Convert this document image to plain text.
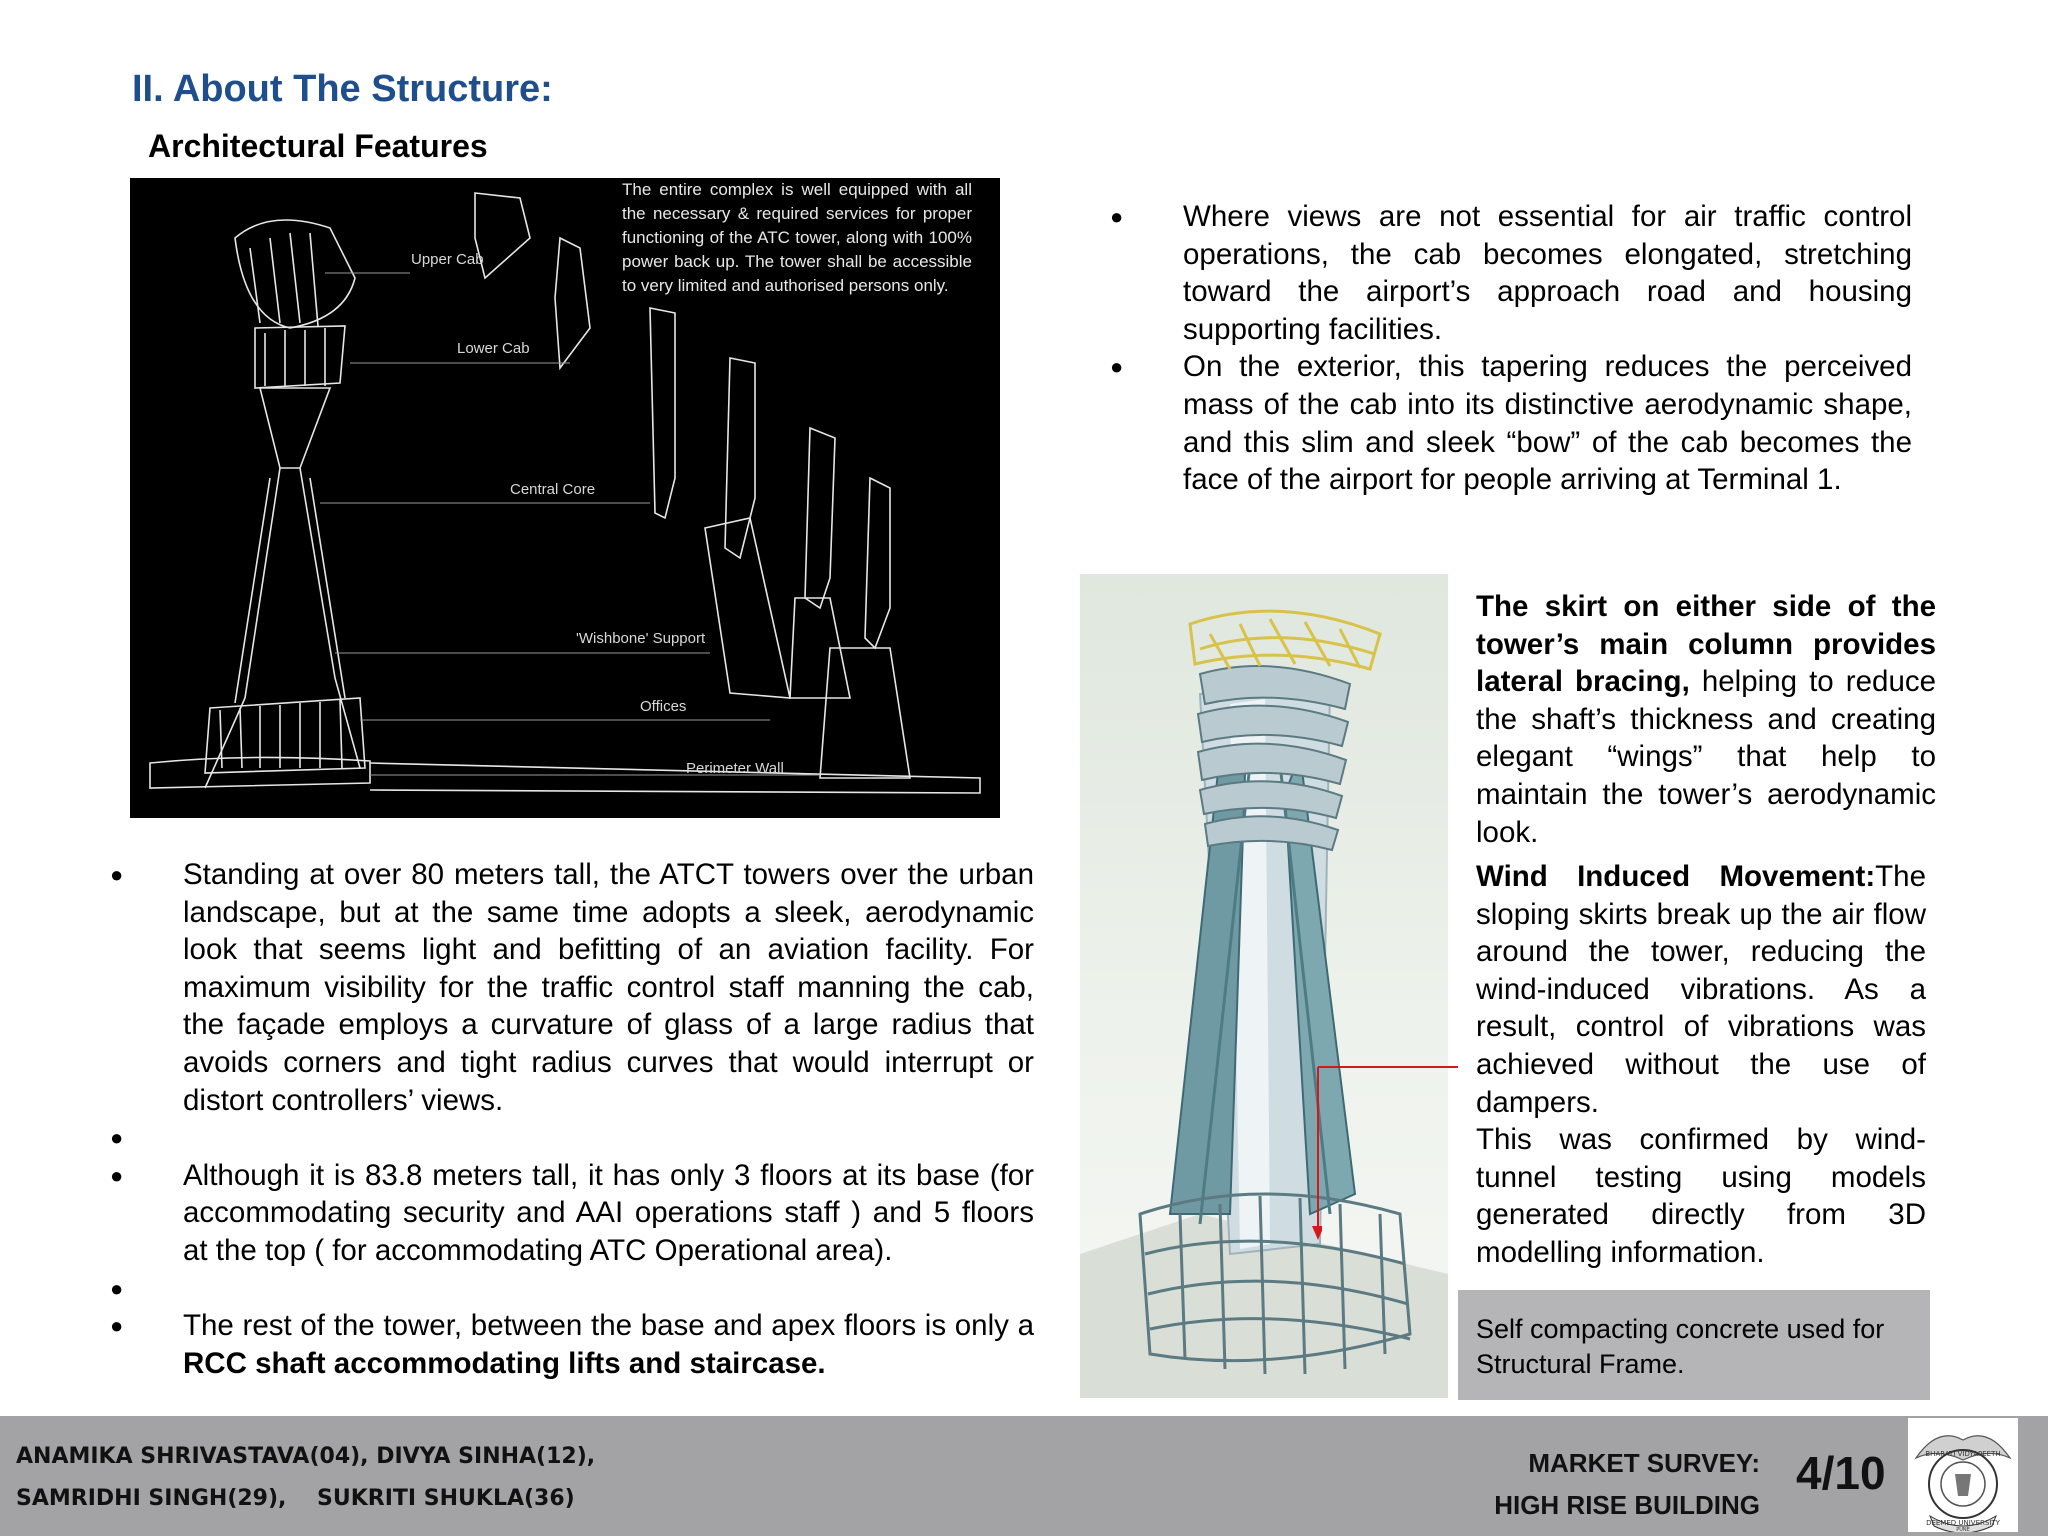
II. About The Structure:
Architectural Features
The entire complex is well equipped with all the necessary & required services for proper functioning of the ATC tower, along with 100% power back up. The tower shall be accessible to very limited and authorised persons only.
Upper Cab
Lower Cab
Central Core
'Wishbone' Support
Offices
Perimeter Wall
● Standing at over 80 meters tall, the ATCT towers over the urban landscape, but at the same time adopts a sleek, aerodynamic look that seems light and befitting of an aviation facility. For maximum visibility for the traffic control staff manning the cab, the façade employs a curvature of glass of a large radius that avoids corners and tight radius curves that would interrupt or distort controllers’ views.
●
● Although it is 83.8 meters tall, it has only 3 floors at its base (for accommodating security and AAI operations staff ) and 5 floors at the top ( for accommodating ATC Operational area).
●
● The rest of the tower, between the base and apex floors is only a RCC shaft accommodating lifts and staircase.
● Where views are not essential for air traffic control operations, the cab becomes elongated, stretching toward the airport’s approach road and housing supporting facilities.
● On the exterior, this tapering reduces the perceived mass of the cab into its distinctive aerodynamic shape, and this slim and sleek “bow” of the cab becomes the face of the airport for people arriving at Terminal 1.
The skirt on either side of the tower’s main column provides lateral bracing, helping to reduce the shaft’s thickness and creating elegant “wings” that help to maintain the tower’s aerodynamic look.
Wind Induced Movement:The sloping skirts break up the air flow around the tower, reducing the wind-induced vibrations. As a result, control of vibrations was achieved without the use of dampers.
This was confirmed by wind-tunnel testing using models generated directly from 3D modelling information.
Self compacting concrete used for Structural Frame.
ANAMIKA SHRIVASTAVA(04), DIVYA SINHA(12),
SAMRIDHI SINGH(29),    SUKRITI SHUKLA(36)
MARKET SURVEY:
HIGH RISE BUILDING
4/10	BHARATI VIDYAPEETH
DEEMED UNIVERSITY
PUNE
